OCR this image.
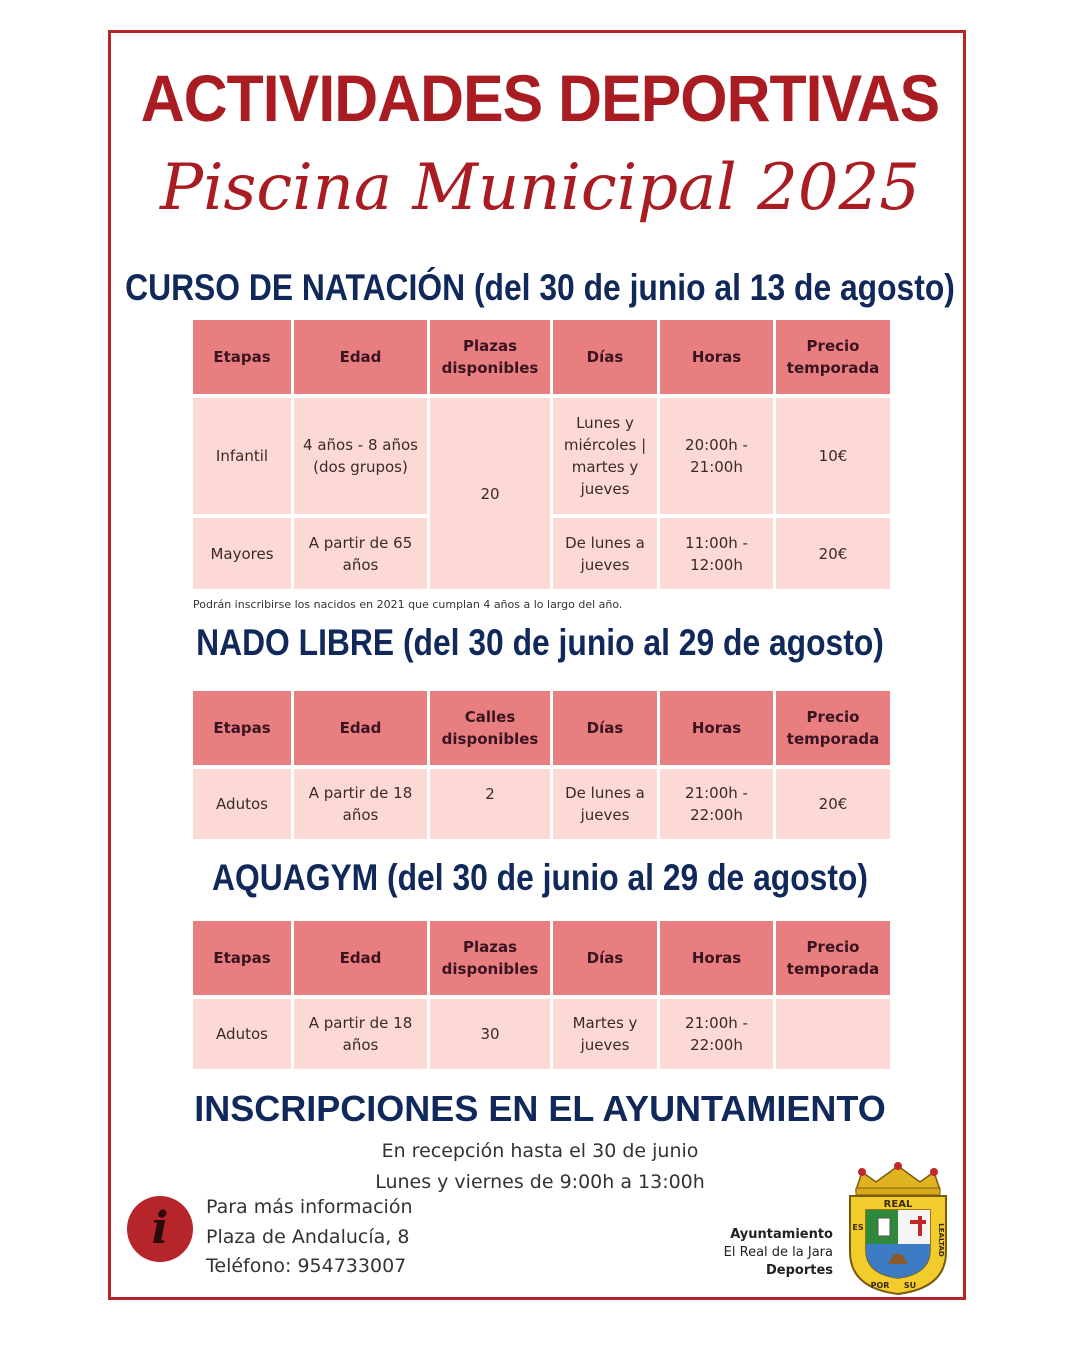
ACTIVIDADES DEPORTIVAS
Piscina Municipal 2025
CURSO DE NATACIÓN (del 30 de junio al 13 de agosto)
Etapas	Edad	Plazas disponibles	Días	Horas	Precio temporada

Infantil	4 años - 8 años (dos grupos)	20	Lunes y miércoles | martes y jueves	20:00h - 21:00h	10€

Mayores	A partir de 65 años		De lunes a jueves	11:00h - 12:00h	20€
Podrán inscribirse los nacidos en 2021 que cumplan 4 años a lo largo del año.
NADO LIBRE (del 30 de junio al 29 de agosto)
Etapas	Edad	Calles disponibles	Días	Horas	Precio temporada

Adutos	A partir de 18 años	2	De lunes a jueves	21:00h - 22:00h	20€
AQUAGYM (del 30 de junio al 29 de agosto)
Etapas	Edad	Plazas disponibles	Días	Horas	Precio temporada

Adutos	A partir de 18 años	30	Martes y jueves	21:00h - 22:00h	
INSCRIPCIONES EN EL AYUNTAMIENTO
En recepción hasta el 30 de junio
Lunes y viernes de 9:00h a 13:00h
i	Para más información
Plaza de Andalucía, 8
Teléfono: 954733007
Ayuntamiento
El Real de la Jara
Deportes
REAL
ES
POR SU
LEALTAD
